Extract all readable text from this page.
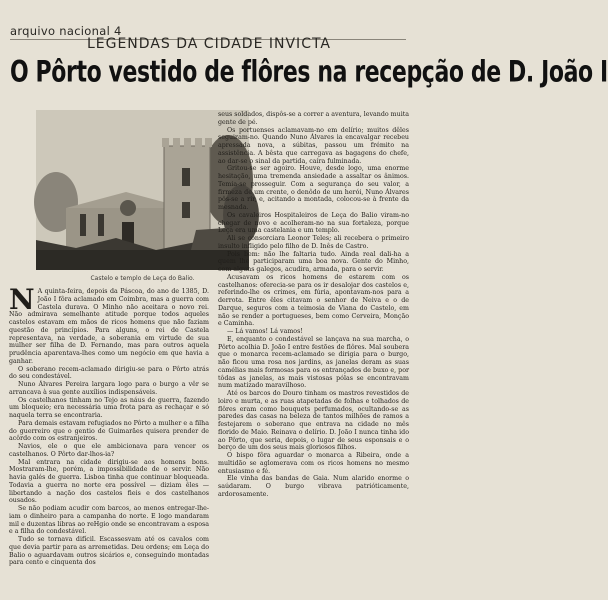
arquivo nacional 4
LEGENDAS DA CIDADE INVICTA
O Pôrto vestido de flôres na recepção de D. João I
Castelo e templo de Leça do Balio.

N A quinta-feira, depois da Páscoa, do ano de 1385, D. João I fôra aclamado em Coimbra, mas a guerra com Castela durava. O Minho não aceitara o novo rei. Não admirava semelhante atitude porque todos aqueles castelos estavam em mãos de ricos homens que não faziam questão de princípios. Para alguns, o rei de Castela representava, na verdade, a soberania em virtude de sua mulher ser filha de D. Fernando, mas para outros aquela prudência aparentava-lhes como um negócio em que havia a ganhar.

O soberano recem-aclamado dirigiu-se para o Pôrto atrás do seu condestável.

Nuno Álvares Pereira largara logo para o burgo a vêr se arrancava à sua gente auxílios indispensáveis.

Os castelhanos tinham no Tejo as náus de guerra, fazendo um bloqueio; era necessária uma frota para as rechaçar e só naquela terra se encontraria.

Para demais estavam refugiados no Pôrto a mulher e a filha do guerreiro que o gentio de Guimarães quisera prender de acôrdo com os estranjeiros.

Navios, ele o que ele ambicionava para vencer os castelhanos. O Pôrto dar-lhos-ia?

Mal entrara na cidade dirigiu-se aos homens bons. Mostraram-lhe, porém, a impossibilidade de o servir. Não havia galés de guerra. Lisboa tinha que continuar bloqueada. Todavia a guerra no norte era possível — diziam êles — libertando a nação dos castelos fieis e dos castelhanos ousados.

Se não podiam acudir com barcos, ao menos entregar-lhe-iam o dinheiro para a campanha do norte. E logo mandaram mil e duzentas libras ao reHgio onde se encontravam a esposa e a filha do condestável.

Tudo se tornava difícil. Escassesvam até os cavalos com que devia partir para as arremetidas. Deu ordens; em Leça do Balio o aguardavam outros sicários e, conseguindo montadas para cento e cinquenta dos

seus soldados, dispôs-se a correr a aventura, levando muita gente de pé.

Os portuenses aclamavam-no em delírio; muitos dêles seguiram-no. Quando Nuno Álvares ia encavalgar recebeu apressada nova, a súbitas, passou um frémito na assistência. A bêsta que carregava as bagagens do chefe, ao dar-se o sinal da partida, caíra fulminada.

Gritou-se ser agoiro. Houve, desde logo, uma enorme hesitação, uma tremenda ansiedade a assaltar os ânimos. Temia-se prosseguir. Com a segurança do seu valor, a firmeza de um crente, o denôdo de um herói, Nuno Álvares pôs-se a rir, e, acitando a montada, colocou-se à frente da mesnada.

Os cavaleiros Hospitaleiros de Leça do Balio viram-no chegar de novo e acolheram-no na sua fortaleza, porque Leça era uma castelania e um templo.

Ali se consorciara Leonor Teles; ali recebera o primeiro insulto infligido pelo filho de D. Inês de Castro.

Pois bem: não lhe faltaria tudo. Ainda real dali-ha a quem lhe participaram uma boa nova. Gente do Minho, com alguns galegos, acudira, armada, para o servir.

Acusavam os ricos homens de estarem com os castelhanos: oferecia-se para os ir desalojar dos castelos e, referindo-lhe os crimes, em fúria, apontavam-nos para a derrota. Entre êles citavam o senhor de Neiva e o de Darque, seguros com a teimosia de Viana do Castelo, em não se render a portugueses, bem como Cerveira, Monção e Caminha.

— Lá vamos! Lá vamos!

E, enquanto o condestável se lançava na sua marcha, o Pôrto acolhia D. João I entre festões de flôres. Mal soubera que o monarca recem-aclamado se dirigia para o burgo, não ficou uma rosa nos jardins, as janelas deram as suas camélias mais formosas para os entrançados de buxo e, por tôdas as janelas, as mais vistosas pólas se encontravam num matizado maravilhoso.

Até os barcos do Douro tinham os mastros revestidos de loiro e murta, e as ruas atapetadas de folhas e tolhados de flôres eram como bouquets perfumados, ocultando-se as paredes das casas na beleza de tantos milhões de ramos a festejarem o soberano que entrava na cidade no mês florido de Maio. Reinava o delírio. D. João I nunca tinha ido ao Pôrto, que seria, depois, o lugar de seus esponsais e o berço de um dos seus mais gloriosos filhos.

O bispo fôra aguardar o monarca a Ribeira, onde a multidão se aglomerava com os ricos homens no mesmo entusiasmo e fé.

Ele vinha das bandas de Gaia. Num alarido enorme o saúdaram. O burgo vibrava patrióticamente, ardorosamente.
